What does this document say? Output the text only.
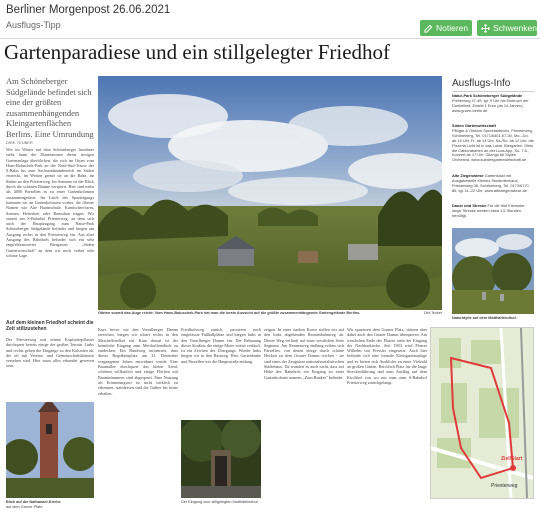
Berliner Morgenpost 26.06.2021
Ausflugs-Tipp	Notieren	Schwenken
Gartenparadiese und ein stillgelegter Friedhof
Am Schöneberger Südgelände befindet sich eine der größten zusammenhängenden Kleingartenflächen Berlins. Eine Umrundung
DIRK TEUBER
Wer im Winter auf dem Schöneberger Insulaner steht, kann die Dimensionen dieser riesigen Gartenanlage überblicken, die sich im Osten vom Hans-Baluschek-Park an der Nord-Süd-Trasse der S-Bahn bis zum Sachsendammbereich im Süden erstreckt, im Westen grenzt sie an die Bahn, im Süden an den Priesterweg. Im Sommer ist der Blick durch die schönen Bäume versperrt. Hier sind mehr als 4000 Parzellen in zu einer Gartenkolonien zusammengefasst. Im Laufe des Spaziergangs kommen wir an Gartenkolonien vorbei, die illustre Namen wie Alte Baumschule, Kamischen-farm, Sonnen, Heiterkeit oder Barnulaut tragen. Wir starten am S-Bahnhof Priesterweg, an dem sich auch der Hauptzugang zum Natur-Park Schöneberger Südgelände befindet und biegen am Ausgang rechts in den Priesterweg ein. Aus alter Ausgang des Bahnhofs befindet sich ein sehr empfehlenswerter Biergarten „Süden Gartenwirtschaft" an dem wir noch vorbei sehr schöne Lage.
Auf dem kleinen Friedhof scheint die Zeit stillzustehen
Der Priesterweg mit seinen Kopfsteinpflaster durchquert bereits einige der großen Terrain. Links und rechts gehen die Eingänge zu den Kolonien ab, die oft mit Vereins- und Gemeinschaftshäusern versehen sind. Hier muss alles erkundet gewesen sein.
Gärten soweit das Auge reicht: Vom Hans-Baluschek-Park hat man die beste Aussicht auf die größte zusammenhängende Gartengelände Berlins.	Dirk Teuber
Ausflugs-Info
Natur-Park Schöneberger Südgelände
Prellerweg 47-49, tgl. 9 Uhr bis Einbruch der Dunkelheit, Eintritt 1 Euro (ab 14 Jahren), www.gruen-berlin.de
Süden Gartenwirtschaft
Pflüger & Olsknot Spreetaldrivnis, Priesterweg, Schöneberg, Tel. 0171/6401-07-30, Mo.–Do. ab 16 Uhr, Fr. ab 14 Uhr, Sa./So. ab 12 Uhr, die Pizzeria Licht ist in das Lokal, Biergarten. Gleis die Cabiorabarten an der Luca App, So. 7.6., Konzert ab 17 Uhr, Gilango All Styles Orchestra, www.suedengartenwirtschaft.de
Alte Ziegenwiese Gartenlokal mit Ausgabestelle Kleines Studentenhaus, Priesterweg 36, Schöneberg, Tel. 0173/6170 85, tgl. 11–22 Uhr, www.alteziegenwiese.de
Dauer und Strecke Für die fünf Kilometer lange Strecke werden etwa 1,5 Stunden benötigt.
Naturidylle auf dem Matthäifriedhof.
Blick auf die Nathanael-Kirche
auf dem Gruner Platz.
Kurz bevor wir den Vorarlberger Damm erreichen, biegen wir scharf rechts in den Meichelfriedhof ein. Kurz darauf ist der heimliche Eingang zum Meichelfriedhofs zu entdecken. Ein Rundweg informiert, dass dieser Begräbnisplatz am 31. Dezember vergangenen Jahres entwidmet wurde. Eine Baumallee durchquert das kleine Areal, schönen willkürlich und einige Flächen mit Baumtrümmern sind abgesperrt. Eine Nutzung als Erinnerungsort ist nicht wirklich zu erkennen, stattdessen sind die Gräber bis heute erhalten.
Friedhofsweg zurück, passieren noch eingefasste Fußballplätze und biegen links in den Vorarlberger Damm ein. Die Bebauung dieser Straßen, die einige Meter weiter verläuft, ist ein Zeichen des Übergangs. Wieder links biegen wir in den Rastweg. Hier, Gartenlaube und Parzellen wie die Hauptstraße entlang.
zeigen. In einer starken Kurve stellen wir auf den links abgehenden Rennenbahnweg ab. Dieser Weg verläuft auf einer westlichen Seite Segment. Am Rennenweg endlang reihen sich Parzellen, von denen einige durch schöne Hecken zu dem Gruner Damm reichen - sie sind eines der Zeugnisse nationalsozialistischen Städtebaus. Da wundert es auch nicht, dass auf Höhe des Bahnhofs ein Eingang zu einer Gartenkolonie namens „Zum Bunker" befindet.
Wir spazieren dem Gruner Platz, stützen aber dabei auch den Gruner Damm überqueren. Am westlichen Ende des Platzes steht der Eingang der Nachbarkirche. Seit 1903 wird Pfarrer Wilhelm von Pressler eingesetzt. Auch hier befindet sich eine formale Kleingartenanlage und es bieten sich Ausblicke zu einer Vielzahl an großen Gärten. Reichlich Platz für die lange Streckenführung und zum Ausflug auf dem Kirchhof von wo aus man zum S-Bahnhof Priesterweg zurückgelangt.
Der Eingang zum stillgelegten Matthäifriedhof.
Priesterweg
Ziel/Start
